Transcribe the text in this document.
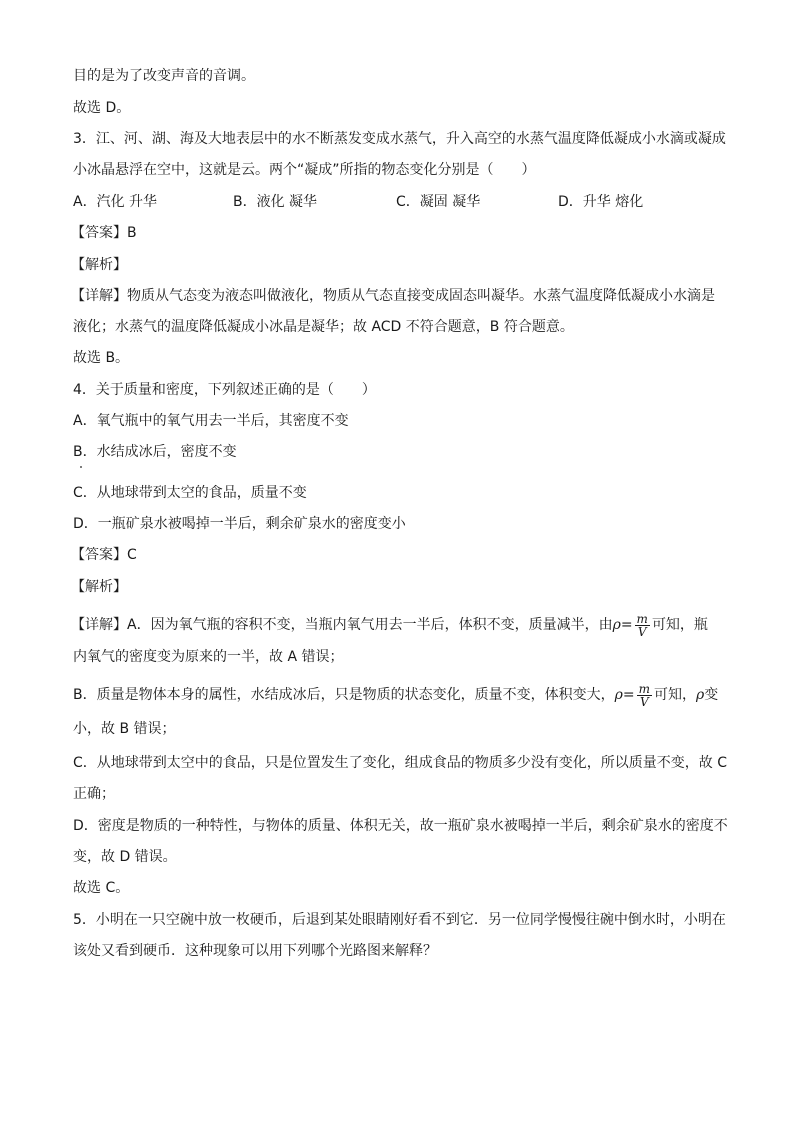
目的是为了改变声音的音调。
故选 D。
3．江、河、湖、海及大地表层中的水不断蒸发变成水蒸气，升入高空的水蒸气温度降低凝成小水滴或凝成
小冰晶悬浮在空中，这就是云。两个“凝成”所指的物态变化分别是（　　）
A．汽化 升华	B．液化 凝华	C．凝固 凝华	D．升华 熔化
【答案】B
【解析】
【详解】物质从气态变为液态叫做液化，物质从气态直接变成固态叫凝华。水蒸气温度降低凝成小水滴是
液化；水蒸气的温度降低凝成小冰晶是凝华；故 ACD 不符合题意，B 符合题意。
故选 B。
4．关于质量和密度，下列叙述正确的是（　　）
A．氧气瓶中的氧气用去一半后，其密度不变
B．水结成冰后，密度不变
C．从地球带到太空的食品，质量不变
D．一瓶矿泉水被喝掉一半后，剩余矿泉水的密度变小
【答案】C
【解析】
【详解】A．因为氧气瓶的容积不变，当瓶内氧气用去一半后，体积不变，质量减半，由$\rho= \frac{m}{V}$ 可知，瓶
内氧气的密度变为原来的一半，故 A 错误；
B．质量是物体本身的属性，水结成冰后，只是物质的状态变化，质量不变，体积变大，$\rho= \frac{m}{V}$ 可知，ρ变
小，故 B 错误；
C．从地球带到太空中的食品，只是位置发生了变化，组成食品的物质多少没有变化，所以质量不变，故 C
正确；
D．密度是物质的一种特性，与物体的质量、体积无关，故一瓶矿泉水被喝掉一半后，剩余矿泉水的密度不
变，故 D 错误。
故选 C。
5．小明在一只空碗中放一枚硬币，后退到某处眼睛刚好看不到它．另一位同学慢慢往碗中倒水时，小明在
该处又看到硬币．这种现象可以用下列哪个光路图来解释？
